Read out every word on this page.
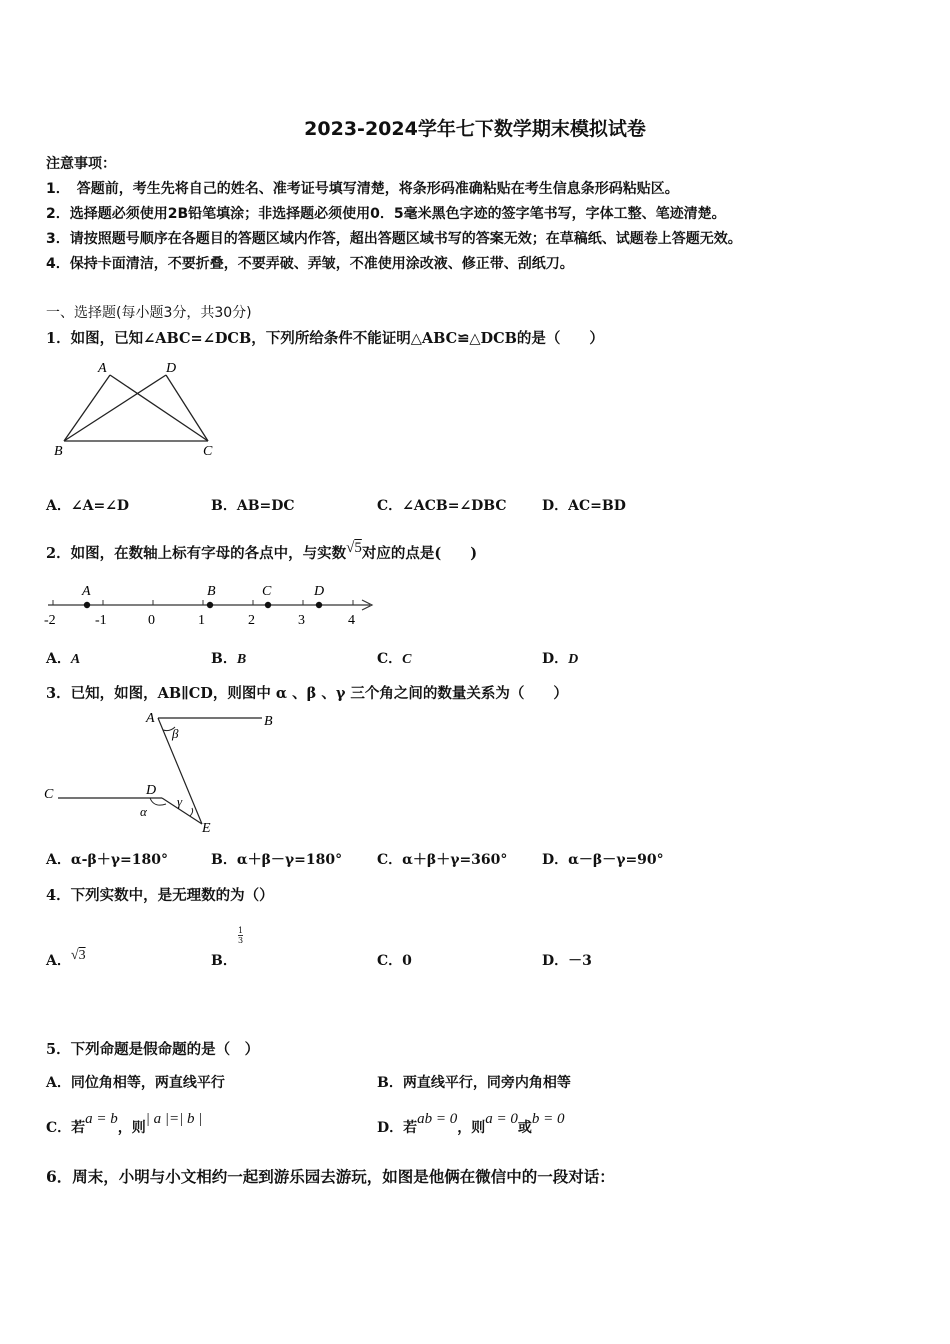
2023-2024学年七下数学期末模拟试卷
注意事项：
1．　答题前，考生先将自己的姓名、准考证号填写清楚，将条形码准确粘贴在考生信息条形码粘贴区。
2．选择题必须使用2B铅笔填涂；非选择题必须使用0．5毫米黑色字迹的签字笔书写，字体工整、笔迹清楚。
3．请按照题号顺序在各题目的答题区域内作答，超出答题区域书写的答案无效；在草稿纸、试题卷上答题无效。
4．保持卡面清洁，不要折叠，不要弄破、弄皱，不准使用涂改液、修正带、刮纸刀。
一、选择题(每小题3分，共30分)
1．如图，已知∠ABC=∠DCB，下列所给条件不能证明△ABC≌△DCB的是（　　）
A	D
B	C
A．∠A=∠D	B．AB=DC	C．∠ACB=∠DBC	D．AC=BD
2．如图，在数轴上标有字母的各点中，与实数√5对应的点是(　　)
A	B	C	D
-2	-1	0	1	2	3	4
A．A	B．B	C．C	D．D
3．已知，如图，AB∥CD，则图中 α 、β 、γ 三个角之间的数量关系为（　　）
A	B
C	D
E
β
γ
α
A．α-β＋γ=180°	B．α＋β－γ=180° C．α＋β＋γ=360° D．α－β－γ=90°
4．下列实数中，是无理数的为（）
A．√3	B．
1
3
C．0	D．－3
5．下列命题是假命题的是（　）
A．同位角相等，两直线平行	B．两直线平行，同旁内角相等
C．若a = b，则| a |=| b |
D．若ab = 0，则a = 0或b = 0
6．周末，小明与小文相约一起到游乐园去游玩，如图是他俩在微信中的一段对话：
